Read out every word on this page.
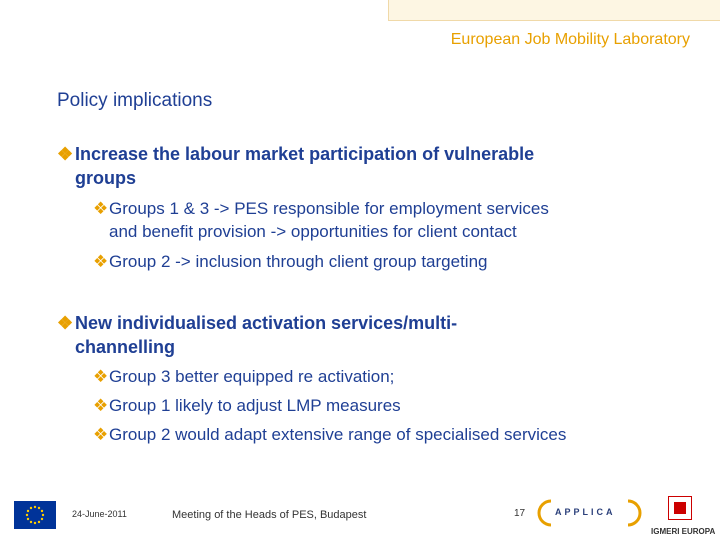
European Job Mobility Laboratory
Policy implications
❖ Increase the labour market participation of vulnerable
groups
❖Groups 1 & 3 -> PES responsible for employment services
and benefit provision -> opportunities for client contact
❖Group 2 -> inclusion through client group targeting
❖ New individualised activation services/multi-
channelling
❖Group 3 better equipped re activation;
❖Group 1 likely to adjust LMP measures
❖Group 2 would adapt extensive range of specialised services
24-June-2011	Meeting of the Heads of PES, Budapest	17	APPLICA
IGMERI EUROPA
